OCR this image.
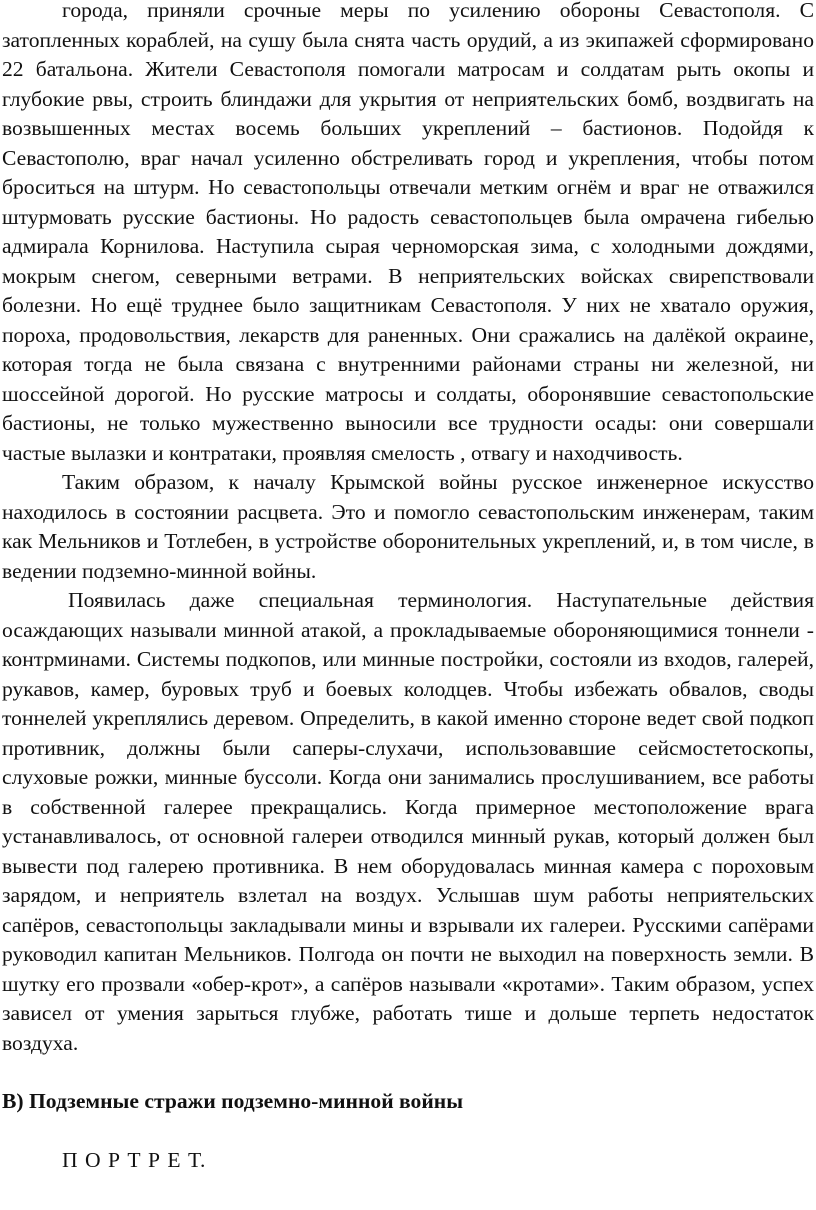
города, приняли срочные меры по усилению обороны Севастополя. С затопленных кораблей, на сушу была снята часть орудий, а из экипажей сформировано 22 батальона. Жители Севастополя помогали матросам и солдатам рыть окопы и глубокие рвы, строить блиндажи для укрытия от неприятельских бомб, воздвигать на возвышенных местах восемь больших укреплений – бастионов. Подойдя к Севастополю, враг начал усиленно обстреливать город и укрепления, чтобы потом броситься на штурм. Но севастопольцы отвечали метким огнём и враг не отважился штурмовать русские бастионы. Но радость севастопольцев была омрачена гибелью адмирала Корнилова. Наступила сырая черноморская зима, с холодными дождями, мокрым снегом, северными ветрами. В неприятельских войсках свирепствовали болезни. Но ещё труднее было защитникам Севастополя. У них не хватало оружия, пороха, продовольствия, лекарств для раненных. Они сражались на далёкой окраине, которая тогда не была связана с внутренними районами страны ни железной, ни шоссейной дорогой. Но русские матросы и солдаты, оборонявшие севастопольские бастионы, не только мужественно выносили все трудности осады: они совершали частые вылазки и контратаки, проявляя смелость , отвагу и находчивость.

Таким образом, к началу Крымской войны русское инженерное искусство находилось в состоянии расцвета. Это и помогло севастопольским инженерам, таким как Мельников и Тотлебен, в устройстве оборонительных укреплений, и, в том числе, в ведении подземно-минной войны.

Появилась даже специальная терминология. Наступательные действия осаждающих называли минной атакой, а прокладываемые обороняющимися тоннели - контрминами. Системы подкопов, или минные постройки, состояли из входов, галерей, рукавов, камер, буровых труб и боевых колодцев. Чтобы избежать обвалов, своды тоннелей укреплялись деревом. Определить, в какой именно стороне ведет свой подкоп противник, должны были саперы-слухачи, использовавшие сейсмостетоскопы, слуховые рожки, минные буссоли. Когда они занимались прослушиванием, все работы в собственной галерее прекращались. Когда примерное местоположение врага устанавливалось, от основной галереи отводился минный рукав, который должен был вывести под галерею противника. В нем оборудовалась минная камера с пороховым зарядом, и неприятель взлетал на воздух. Услышав шум работы неприятельских сапёров, севастопольцы закладывали мины и взрывали их галереи. Русскими сапёрами руководил капитан Мельников. Полгода он почти не выходил на поверхность земли. В шутку его прозвали «обер-крот», а сапёров называли «кротами». Таким образом, успех зависел от умения зарыться глубже, работать тише и дольше терпеть недостаток воздуха.

В) Подземные стражи подземно-минной войны

П О Р Т Р Е Т.
